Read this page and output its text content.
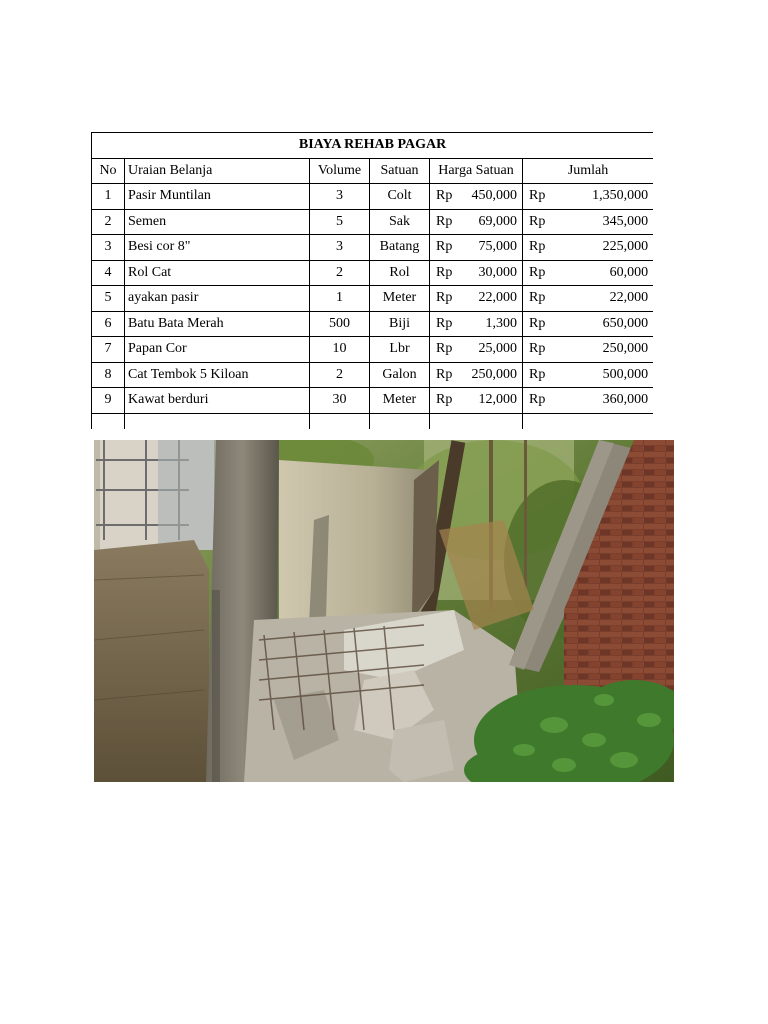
BIAYA REHAB PAGAR					
No	Uraian Belanja	Volume	Satuan	Harga Satuan	Jumlah
1	Pasir Muntilan	3	Colt	Rp 450,000	Rp 1,350,000

2	Semen	5	Sak	Rp 69,000	Rp 345,000

3	Besi cor 8"	3	Batang	Rp 75,000	Rp 225,000

4	Rol Cat	2	Rol	Rp 30,000	Rp 60,000

5	ayakan pasir	1	Meter	Rp 22,000	Rp 22,000

6	Batu Bata Merah	500	Biji	Rp 1,300	Rp 650,000

7	Papan Cor	10	Lbr	Rp 25,000	Rp 250,000

8	Cat Tembok 5 Kiloan	2	Galon	Rp 250,000	Rp 500,000

9	Kawat berduri	30	Meter	Rp 12,000	Rp 360,000
